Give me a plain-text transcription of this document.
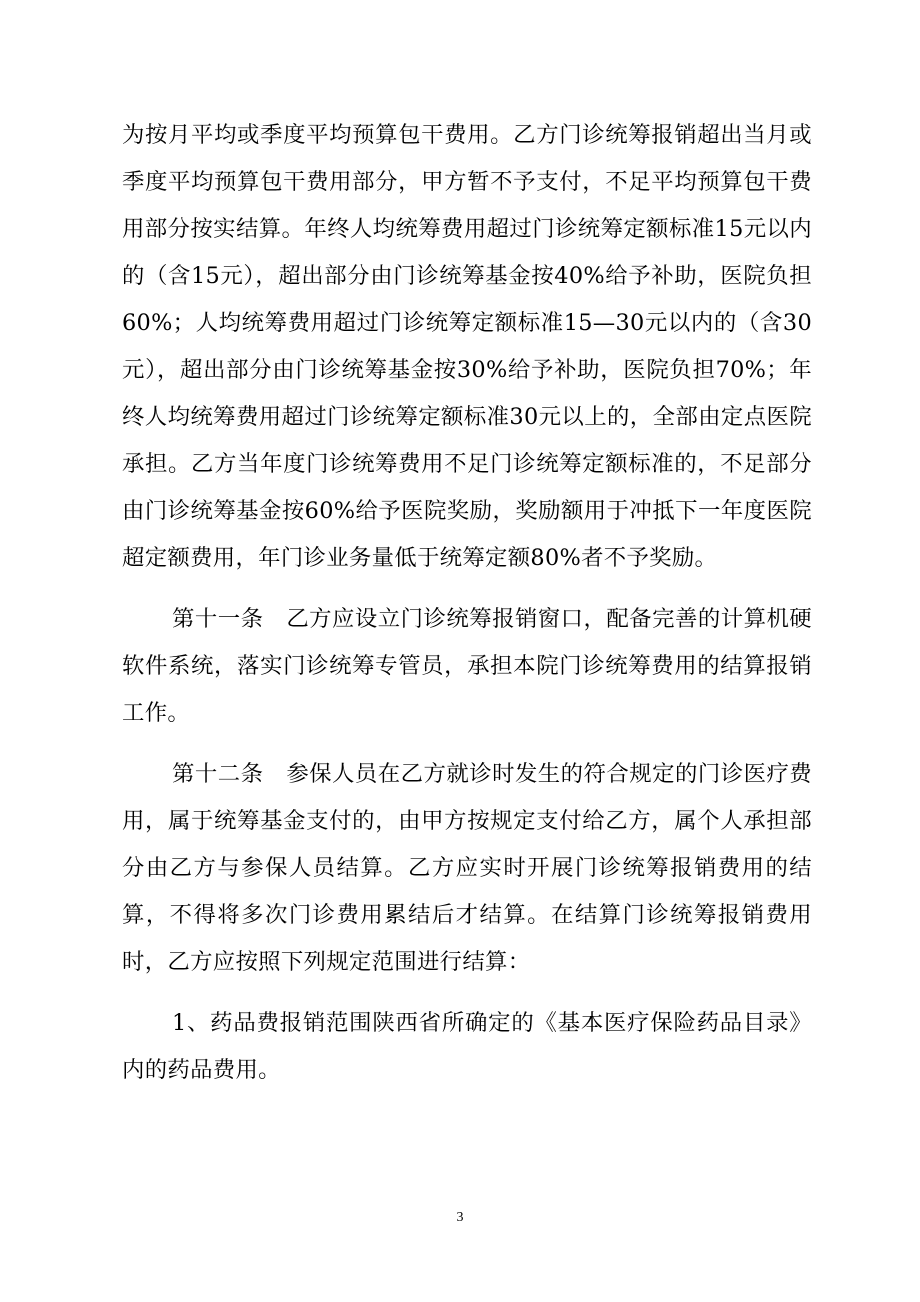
为按月平均或季度平均预算包干费用。乙方门诊统筹报销超出当月或季度平均预算包干费用部分，甲方暂不予支付，不足平均预算包干费用部分按实结算。年终人均统筹费用超过门诊统筹定额标准15元以内的（含15元），超出部分由门诊统筹基金按40%给予补助，医院负担60%；人均统筹费用超过门诊统筹定额标准15—30元以内的（含30元），超出部分由门诊统筹基金按30%给予补助，医院负担70%；年终人均统筹费用超过门诊统筹定额标准30元以上的，全部由定点医院承担。乙方当年度门诊统筹费用不足门诊统筹定额标准的，不足部分由门诊统筹基金按60%给予医院奖励，奖励额用于冲抵下一年度医院超定额费用，年门诊业务量低于统筹定额80%者不予奖励。

第十一条　乙方应设立门诊统筹报销窗口，配备完善的计算机硬软件系统，落实门诊统筹专管员，承担本院门诊统筹费用的结算报销工作。

第十二条　参保人员在乙方就诊时发生的符合规定的门诊医疗费用，属于统筹基金支付的，由甲方按规定支付给乙方，属个人承担部分由乙方与参保人员结算。乙方应实时开展门诊统筹报销费用的结算，不得将多次门诊费用累结后才结算。在结算门诊统筹报销费用时，乙方应按照下列规定范围进行结算：

1、药品费报销范围陕西省所确定的《基本医疗保险药品目录》内的药品费用。

3
